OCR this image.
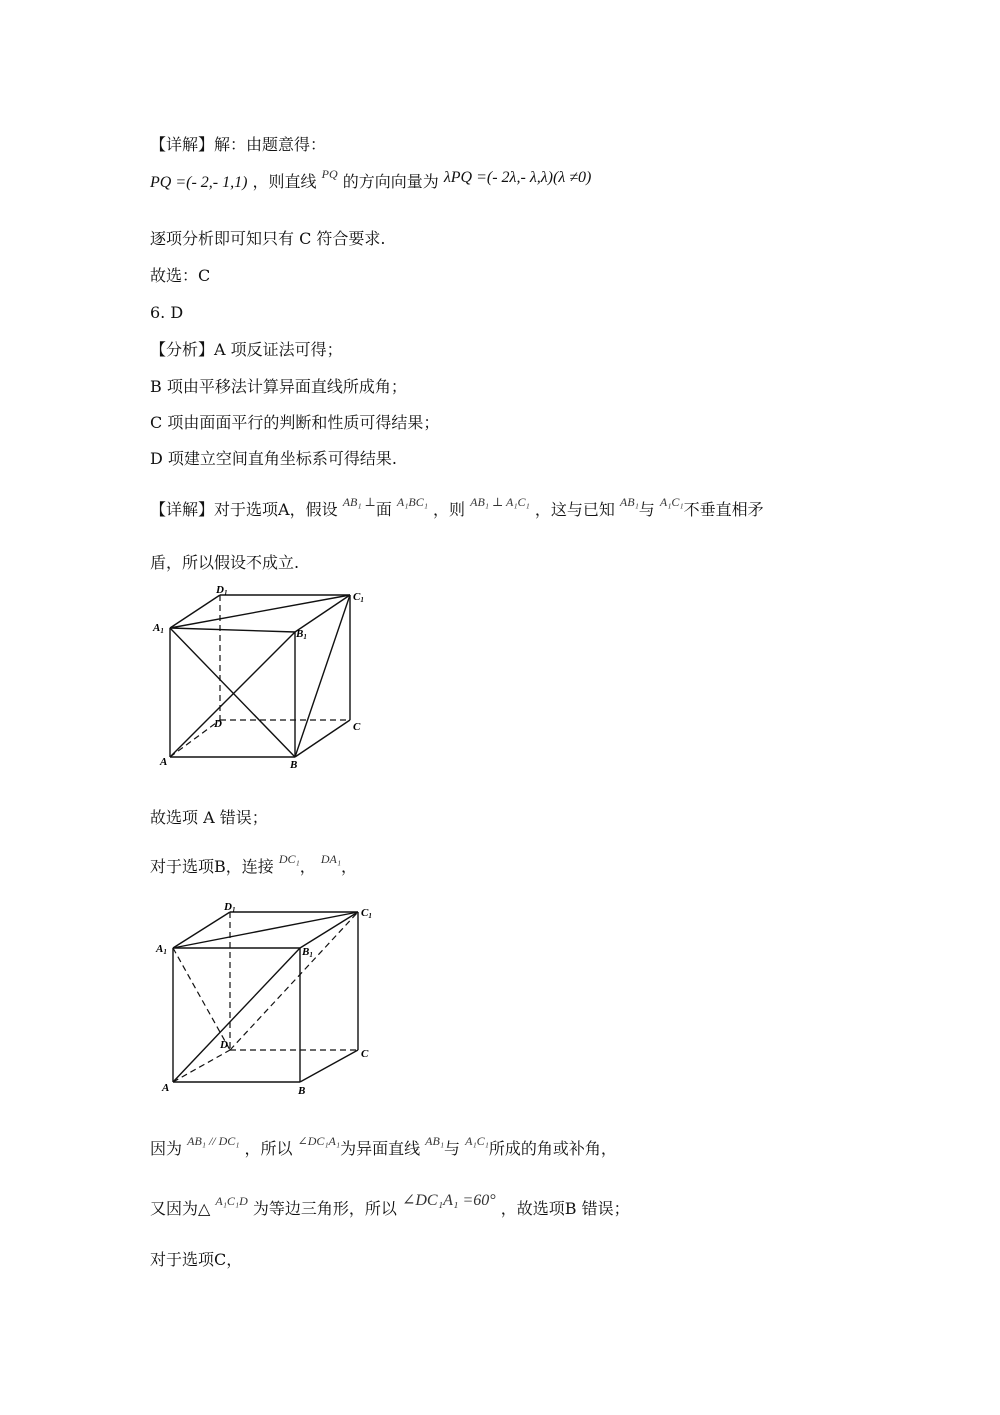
【详解】解：由题意得：
PQ =(- 2,- 1,1) ，则直线 $^{PQ}$ 的方向向量为 λPQ =(- 2λ,- λ,λ)(λ ≠0)
逐项分析即可知只有 C 符合要求.
故选：C
6. D
【分析】A 项反证法可得；
B 项由平移法计算异面直线所成角；
C 项由面面平行的判断和性质可得结果；
D 项建立空间直角坐标系可得结果.
【详解】对于选项A，假设 $^{AB_1 \perp}$面 $^{A_1BC_1}$ ，则 $^{AB_1 \perp A_1C_1}$ ，这与已知 $^{AB_1}$与 $^{A_1C_1}$不垂直相矛
盾，所以假设不成立.
D1	C1
A1	B1
D	C
A	B
故选项 A 错误；
对于选项B，连接 $^{DC_1}$， $^{DA_1}$，
D1	C1
A1	B1
D
C
A	B
因为 $^{AB_1 // DC_1}$ ，所以 $^{\angle DC_1A_1}$为异面直线 $^{AB_1}$与 $^{A_1C_1}$所成的角或补角，
又因为△ $^{A_1C_1D}$ 为等边三角形，所以 ∠DC₁A₁ =60° ，故选项B 错误；
对于选项C，
